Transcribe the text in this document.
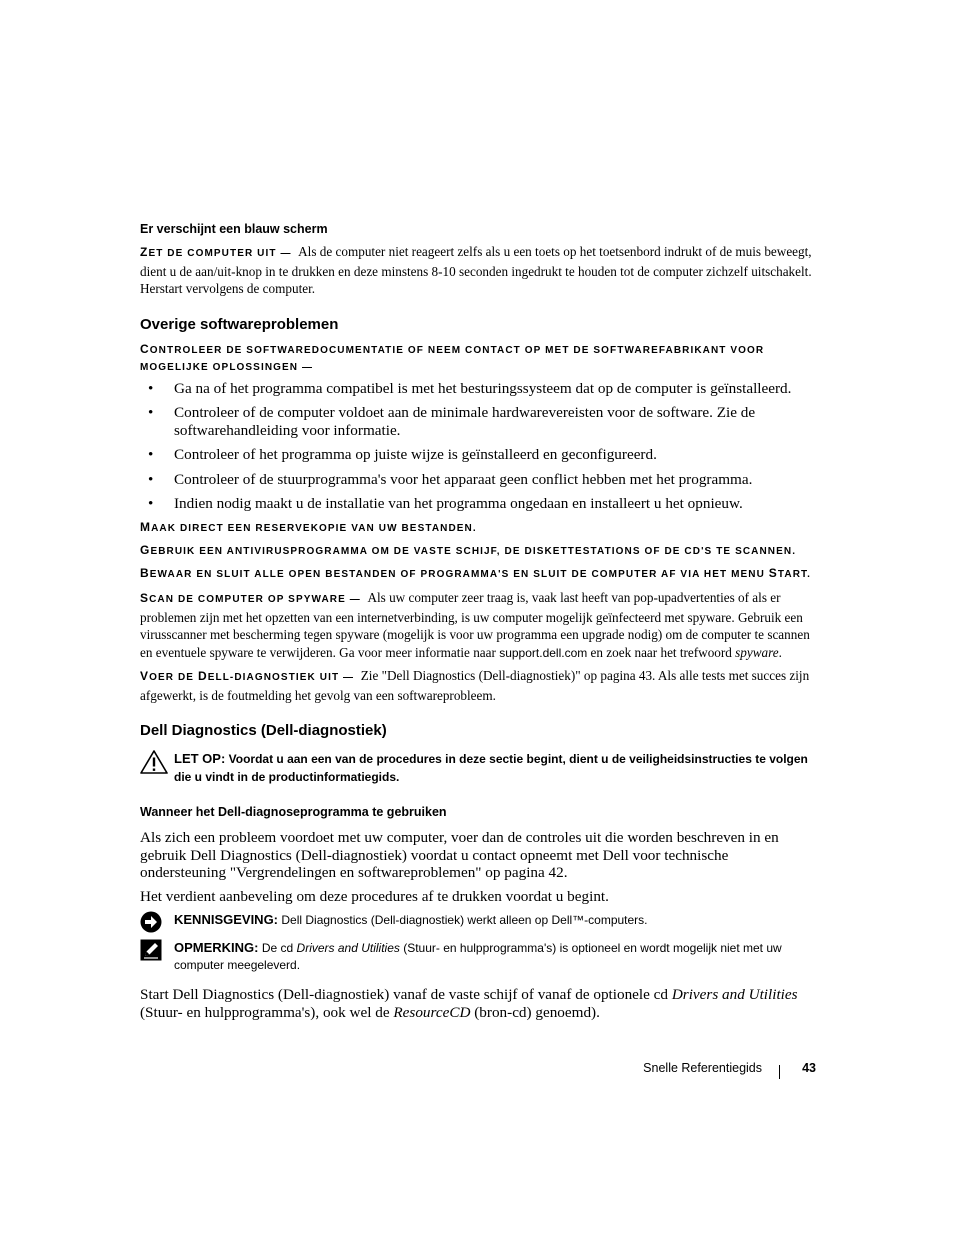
Er verschijnt een blauw scherm

ZET DE COMPUTER UIT — Als de computer niet reageert zelfs als u een toets op het toetsenbord indrukt of de muis beweegt, dient u de aan/uit-knop in te drukken en deze minstens 8-10 seconden ingedrukt te houden tot de computer zichzelf uitschakelt. Herstart vervolgens de computer.

Overige softwareproblemen

CONTROLEER DE SOFTWAREDOCUMENTATIE OF NEEM CONTACT OP MET DE SOFTWAREFABRIKANT VOOR MOGELIJKE OPLOSSINGEN —

• Ga na of het programma compatibel is met het besturingssysteem dat op de computer is geïnstalleerd.
• Controleer of de computer voldoet aan de minimale hardwarevereisten voor de software. Zie de softwarehandleiding voor informatie.
• Controleer of het programma op juiste wijze is geïnstalleerd en geconfigureerd.
• Controleer of de stuurprogramma's voor het apparaat geen conflict hebben met het programma.
• Indien nodig maakt u de installatie van het programma ongedaan en installeert u het opnieuw.

MAAK DIRECT EEN RESERVEKOPIE VAN UW BESTANDEN.

GEBRUIK EEN ANTIVIRUSPROGRAMMA OM DE VASTE SCHIJF, DE DISKETTESTATIONS OF DE CD'S TE SCANNEN.

BEWAAR EN SLUIT ALLE OPEN BESTANDEN OF PROGRAMMA'S EN SLUIT DE COMPUTER AF VIA HET MENU START.

SCAN DE COMPUTER OP SPYWARE — Als uw computer zeer traag is, vaak last heeft van pop-upadvertenties of als er problemen zijn met het opzetten van een internetverbinding, is uw computer mogelijk geïnfecteerd met spyware. Gebruik een virusscanner met bescherming tegen spyware (mogelijk is voor uw programma een upgrade nodig) om de computer te scannen en eventuele spyware te verwijderen. Ga voor meer informatie naar support.dell.com en zoek naar het trefwoord spyware.

VOER DE DELL-DIAGNOSTIEK UIT — Zie "Dell Diagnostics (Dell-diagnostiek)" op pagina 43. Als alle tests met succes zijn afgewerkt, is de foutmelding het gevolg van een softwareprobleem.

Dell Diagnostics (Dell-diagnostiek)

LET OP: Voordat u aan een van de procedures in deze sectie begint, dient u de veiligheidsinstructies te volgen die u vindt in de productinformatiegids.

Wanneer het Dell-diagnoseprogramma te gebruiken

Als zich een probleem voordoet met uw computer, voer dan de controles uit die worden beschreven in en gebruik Dell Diagnostics (Dell-diagnostiek) voordat u contact opneemt met Dell voor technische ondersteuning "Vergrendelingen en softwareproblemen" op pagina 42.

Het verdient aanbeveling om deze procedures af te drukken voordat u begint.

KENNISGEVING: Dell Diagnostics (Dell-diagnostiek) werkt alleen op Dell™-computers.

OPMERKING: De cd Drivers and Utilities (Stuur- en hulpprogramma's) is optioneel en wordt mogelijk niet met uw computer meegeleverd.

Start Dell Diagnostics (Dell-diagnostiek) vanaf de vaste schijf of vanaf de optionele cd Drivers and Utilities (Stuur- en hulpprogramma's), ook wel de ResourceCD (bron-cd) genoemd).

Snelle Referentiegids	43
